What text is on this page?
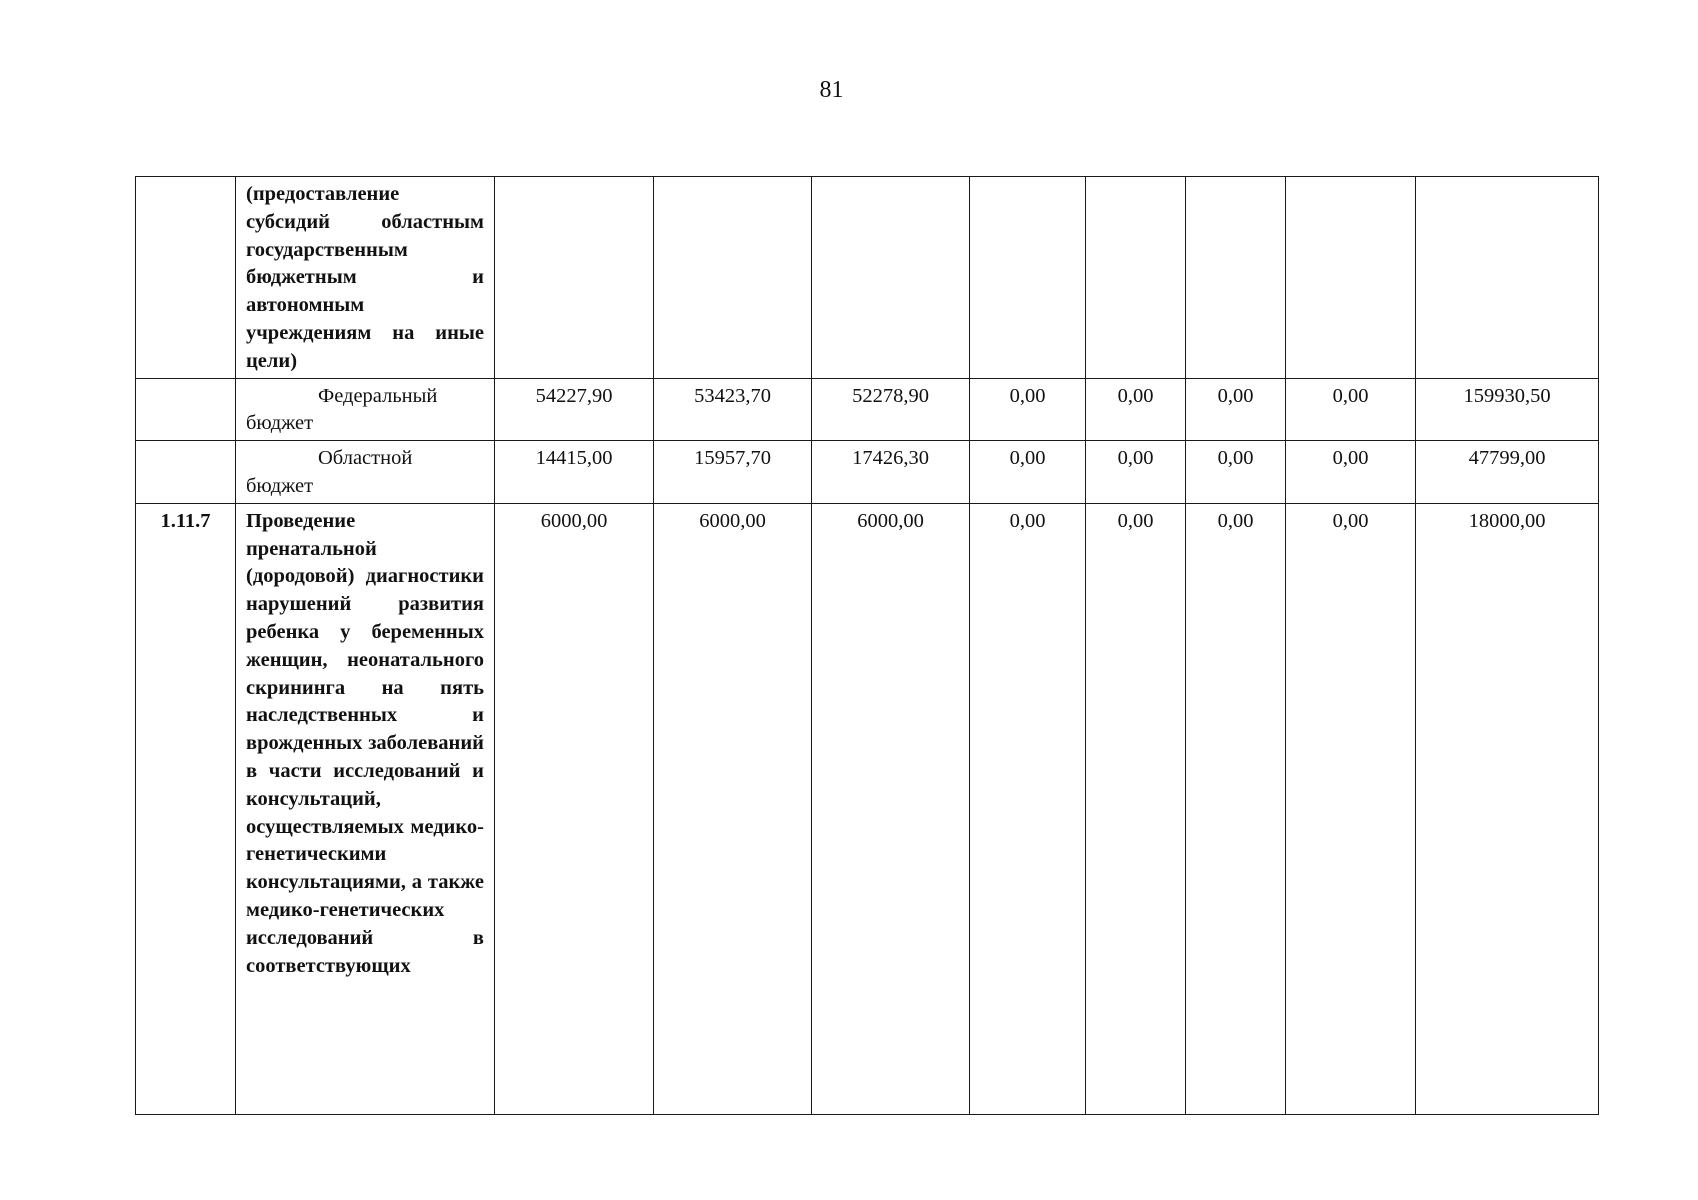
81
	(предоставление субсидий областным государственным бюджетным и автономным учреждениям на иные цели)								

	Федеральный
бюджет	54227,90	53423,70	52278,90	0,00	0,00	0,00	0,00	159930,50

	Областной
бюджет	14415,00	15957,70	17426,30	0,00	0,00	0,00	0,00	47799,00
1.11.7	Проведение пренатальной (дородовой) диагностики нарушений развития ребенка у беременных женщин, неонатального скрининга на пять наследственных и врожденных заболеваний в части исследований и консультаций, осуществляемых медико-генетическими консультациями, а также медико-генетических исследований в соответствующих	6000,00	6000,00	6000,00	0,00	0,00	0,00	0,00	18000,00
